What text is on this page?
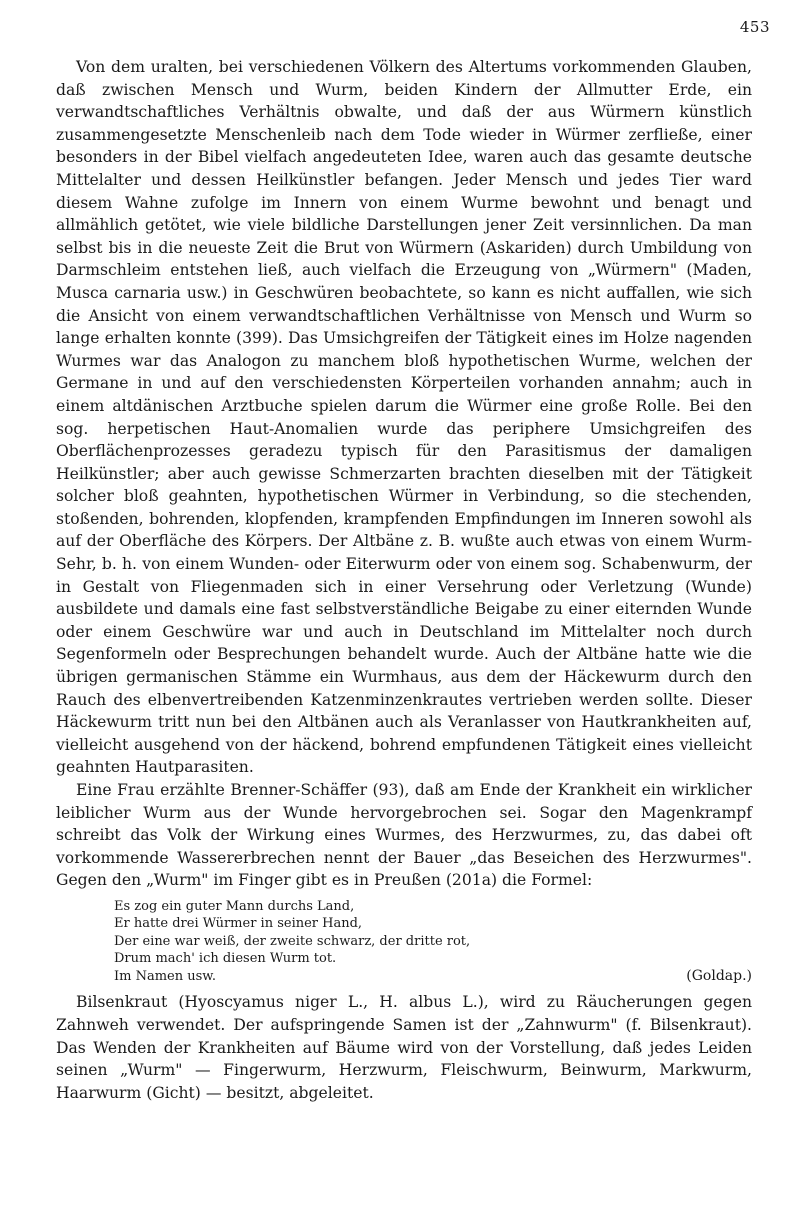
453

Von dem uralten, bei verschiedenen Völkern des Altertums vorkommenden Glauben, daß zwischen Mensch und Wurm, beiden Kindern der Allmutter Erde, ein verwandtschaftliches Verhältnis obwalte, und daß der aus Würmern künstlich zusammengesetzte Menschenleib nach dem Tode wieder in Würmer zerfließe, einer besonders in der Bibel vielfach angedeuteten Idee, waren auch das gesamte deutsche Mittelalter und dessen Heilkünstler befangen. Jeder Mensch und jedes Tier ward diesem Wahne zufolge im Innern von einem Wurme bewohnt und benagt und allmählich getötet, wie viele bildliche Darstellungen jener Zeit versinnlichen. Da man selbst bis in die neueste Zeit die Brut von Würmern (Askariden) durch Umbildung von Darmschleim entstehen ließ, auch vielfach die Erzeugung von „Würmern" (Maden, Musca carnaria usw.) in Geschwüren beobachtete, so kann es nicht auffallen, wie sich die Ansicht von einem verwandtschaftlichen Verhältnisse von Mensch und Wurm so lange erhalten konnte (399). Das Umsichgreifen der Tätigkeit eines im Holze nagenden Wurmes war das Analogon zu manchem bloß hypothetischen Wurme, welchen der Germane in und auf den verschiedensten Körperteilen vorhanden annahm; auch in einem altdänischen Arztbuche spielen darum die Würmer eine große Rolle. Bei den sog. herpetischen Haut-Anomalien wurde das periphere Umsichgreifen des Oberflächenprozesses geradezu typisch für den Parasitismus der damaligen Heilkünstler; aber auch gewisse Schmerzarten brachten dieselben mit der Tätigkeit solcher bloß geahnten, hypothetischen Würmer in Verbindung, so die stechenden, stoßenden, bohrenden, klopfenden, krampfenden Empfindungen im Inneren sowohl als auf der Oberfläche des Körpers. Der Altbäne z. B. wußte auch etwas von einem Wurm-Sehr, b. h. von einem Wunden- oder Eiterwurm oder von einem sog. Schabenwurm, der in Gestalt von Fliegenmaden sich in einer Versehrung oder Verletzung (Wunde) ausbildete und damals eine fast selbstverständliche Beigabe zu einer eiternden Wunde oder einem Geschwüre war und auch in Deutschland im Mittelalter noch durch Segenformeln oder Besprechungen behandelt wurde. Auch der Altbäne hatte wie die übrigen germanischen Stämme ein Wurmhaus, aus dem der Häckewurm durch den Rauch des elbenvertreibenden Katzenminzenkrautes vertrieben werden sollte. Dieser Häckewurm tritt nun bei den Altbänen auch als Veranlasser von Hautkrankheiten auf, vielleicht ausgehend von der häckend, bohrend empfundenen Tätigkeit eines vielleicht geahnten Hautparasiten.

Eine Frau erzählte Brenner-Schäffer (93), daß am Ende der Krankheit ein wirklicher leiblicher Wurm aus der Wunde hervorgebrochen sei. Sogar den Magenkrampf schreibt das Volk der Wirkung eines Wurmes, des Herzwurmes, zu, das dabei oft vorkommende Wassererbrechen nennt der Bauer „das Beseichen des Herzwurmes". Gegen den „Wurm" im Finger gibt es in Preußen (201a) die Formel:

Es zog ein guter Mann durchs Land,
Er hatte drei Würmer in seiner Hand,
Der eine war weiß, der zweite schwarz, der dritte rot,
Drum mach' ich diesen Wurm tot.
Im Namen usw.	(Goldap.)

Bilsenkraut (Hyoscyamus niger L., H. albus L.), wird zu Räucherungen gegen Zahnweh verwendet. Der aufspringende Samen ist der „Zahnwurm" (f. Bilsenkraut). Das Wenden der Krankheiten auf Bäume wird von der Vorstellung, daß jedes Leiden seinen „Wurm" — Fingerwurm, Herzwurm, Fleischwurm, Beinwurm, Markwurm, Haarwurm (Gicht) — besitzt, abgeleitet.
